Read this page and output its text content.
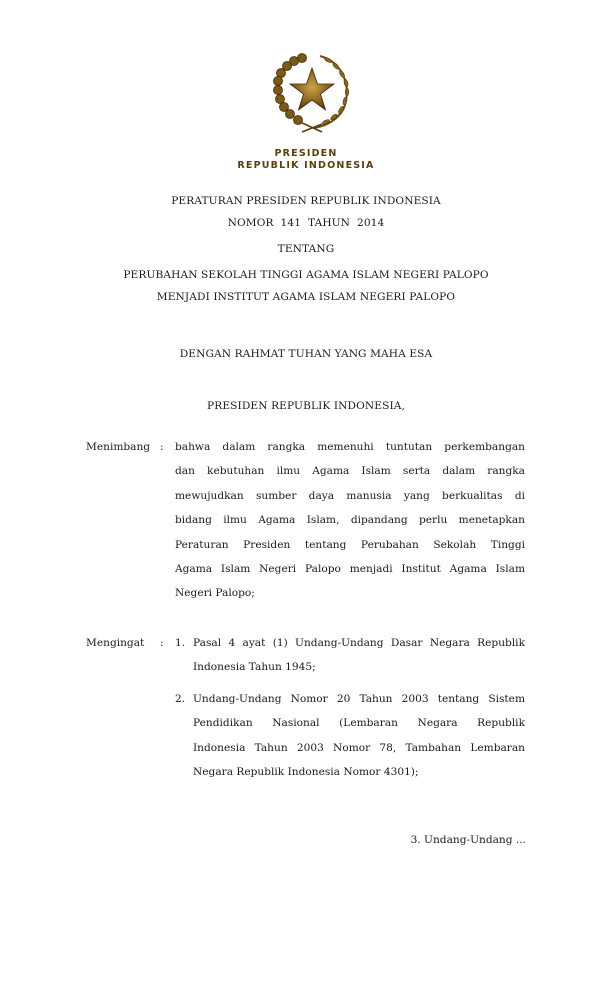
PRESIDEN
REPUBLIK INDONESIA
PERATURAN PRESIDEN REPUBLIK INDONESIA
NOMOR  141  TAHUN  2014
TENTANG
PERUBAHAN SEKOLAH TINGGI AGAMA ISLAM NEGERI PALOPO
MENJADI INSTITUT AGAMA ISLAM NEGERI PALOPO
DENGAN RAHMAT TUHAN YANG MAHA ESA
PRESIDEN REPUBLIK INDONESIA,
Menimbang : bahwa dalam rangka memenuhi tuntutan perkembangan
dan kebutuhan ilmu Agama Islam serta dalam rangka
mewujudkan sumber daya manusia yang berkualitas di
bidang ilmu Agama Islam, dipandang perlu menetapkan
Peraturan Presiden tentang Perubahan Sekolah Tinggi
Agama Islam Negeri Palopo menjadi Institut Agama Islam
Negeri Palopo;
Mengingat : 1. Pasal 4 ayat (1) Undang-Undang Dasar Negara Republik
Indonesia Tahun 1945;
2. Undang-Undang Nomor 20 Tahun 2003 tentang Sistem
Pendidikan Nasional (Lembaran Negara Republik
Indonesia Tahun 2003 Nomor 78, Tambahan Lembaran
Negara Republik Indonesia Nomor 4301);
3. Undang-Undang ...
